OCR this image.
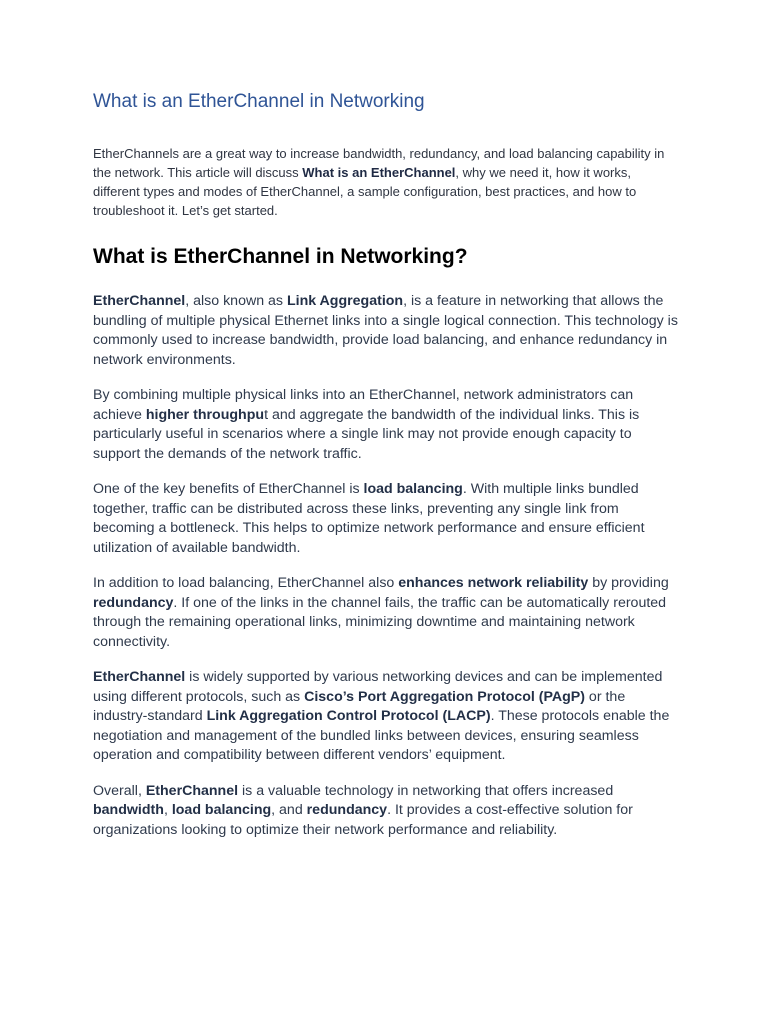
What is an EtherChannel in Networking

EtherChannels are a great way to increase bandwidth, redundancy, and load balancing capability in the network. This article will discuss What is an EtherChannel, why we need it, how it works, different types and modes of EtherChannel, a sample configuration, best practices, and how to troubleshoot it. Let’s get started.

What is EtherChannel in Networking?

EtherChannel, also known as Link Aggregation, is a feature in networking that allows the bundling of multiple physical Ethernet links into a single logical connection. This technology is commonly used to increase bandwidth, provide load balancing, and enhance redundancy in network environments.

By combining multiple physical links into an EtherChannel, network administrators can achieve higher throughput and aggregate the bandwidth of the individual links. This is particularly useful in scenarios where a single link may not provide enough capacity to support the demands of the network traffic.

One of the key benefits of EtherChannel is load balancing. With multiple links bundled together, traffic can be distributed across these links, preventing any single link from becoming a bottleneck. This helps to optimize network performance and ensure efficient utilization of available bandwidth.

In addition to load balancing, EtherChannel also enhances network reliability by providing redundancy. If one of the links in the channel fails, the traffic can be automatically rerouted through the remaining operational links, minimizing downtime and maintaining network connectivity.

EtherChannel is widely supported by various networking devices and can be implemented using different protocols, such as Cisco’s Port Aggregation Protocol (PAgP) or the industry-standard Link Aggregation Control Protocol (LACP). These protocols enable the negotiation and management of the bundled links between devices, ensuring seamless operation and compatibility between different vendors’ equipment.

Overall, EtherChannel is a valuable technology in networking that offers increased bandwidth, load balancing, and redundancy. It provides a cost-effective solution for organizations looking to optimize their network performance and reliability.
